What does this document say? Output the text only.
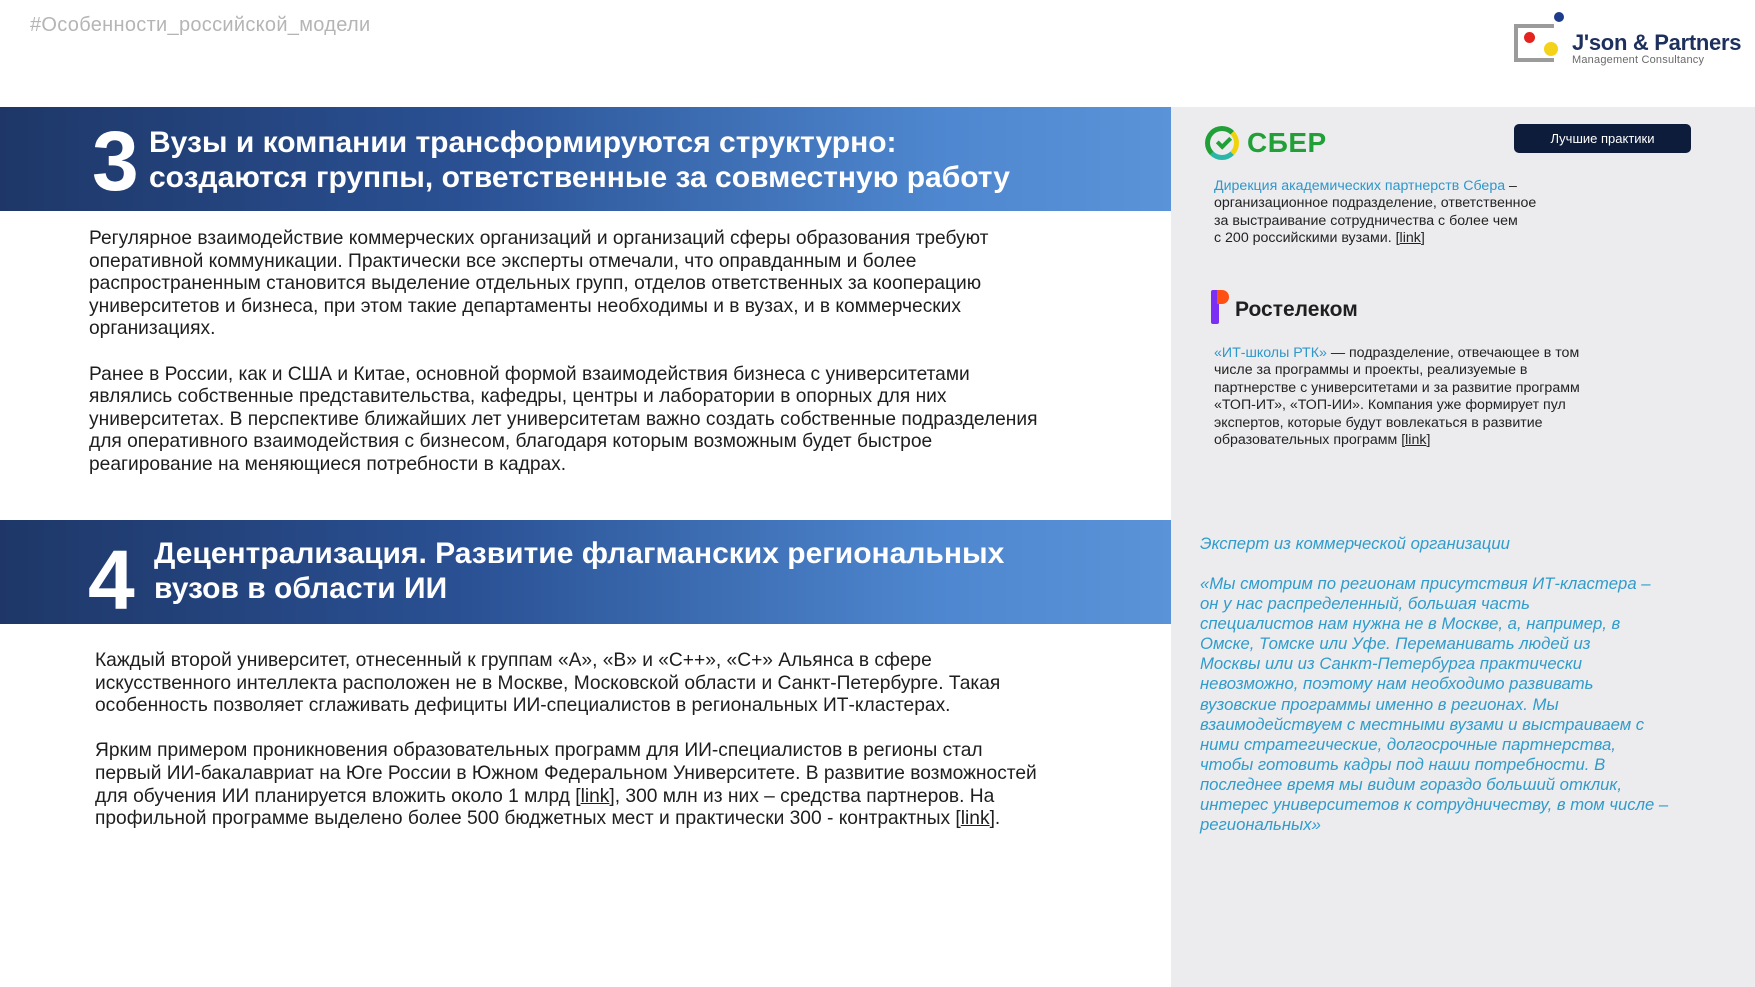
#Особенности_российской_модели
J'son & Partners
Management Consultancy
3 Вузы и компании трансформируются структурно:
создаются группы, ответственные за совместную работу

Регулярное взаимодействие коммерческих организаций и организаций сферы образования требуют
оперативной коммуникации. Практически все эксперты отмечали, что оправданным и более
распространенным становится выделение отдельных групп, отделов ответственных за кооперацию
университетов и бизнеса, при этом такие департаменты необходимы и в вузах, и в коммерческих
организациях.

Ранее в России, как и США и Китае, основной формой взаимодействия бизнеса с университетами
являлись собственные представительства, кафедры, центры и лаборатории в опорных для них
университетах. В перспективе ближайших лет университетам важно создать собственные подразделения
для оперативного взаимодействия с бизнесом, благодаря которым возможным будет быстрое
реагирование на меняющиеся потребности в кадрах.

4 Децентрализация. Развитие флагманских региональных
вузов в области ИИ

Каждый второй университет, отнесенный к группам «А», «В» и «С++», «С+» Альянса в сфере
искусственного интеллекта расположен не в Москве, Московской области и Санкт-Петербурге. Такая
особенность позволяет сглаживать дефициты ИИ-специалистов в региональных ИТ-кластерах.

Ярким примером проникновения образовательных программ для ИИ-специалистов в регионы стал
первый ИИ-бакалавриат на Юге России в Южном Федеральном Университете. В развитие возможностей
для обучения ИИ планируется вложить около 1 млрд [link], 300 млн из них – средства партнеров. На
профильной программе выделено более 500 бюджетных мест и практически 300 - контрактных [link].

СБЕР	Лучшие практики
Дирекция академических партнерств Сбера –
организационное подразделение, ответственное
за выстраивание сотрудничества с более чем
с 200 российскими вузами. [link]
Ростелеком
«ИТ-школы РТК» — подразделение, отвечающее в том
числе за программы и проекты, реализуемые в
партнерстве с университетами и за развитие программ
«ТОП-ИТ», «ТОП-ИИ». Компания уже формирует пул
экспертов, которые будут вовлекаться в развитие
образовательных программ [link]
Эксперт из коммерческой организации
«Мы смотрим по регионам присутствия ИТ-кластера –
он у нас распределенный, большая часть
специалистов нам нужна не в Москве, а, например, в
Омске, Томске или Уфе. Переманивать людей из
Москвы или из Санкт-Петербурга практически
невозможно, поэтому нам необходимо развивать
вузовские программы именно в регионах. Мы
взаимодействуем с местными вузами и выстраиваем с
ними стратегические, долгосрочные партнерства,
чтобы готовить кадры под наши потребности. В
последнее время мы видим гораздо больший отклик,
интерес университетов к сотрудничеству, в том числе –
региональных»
